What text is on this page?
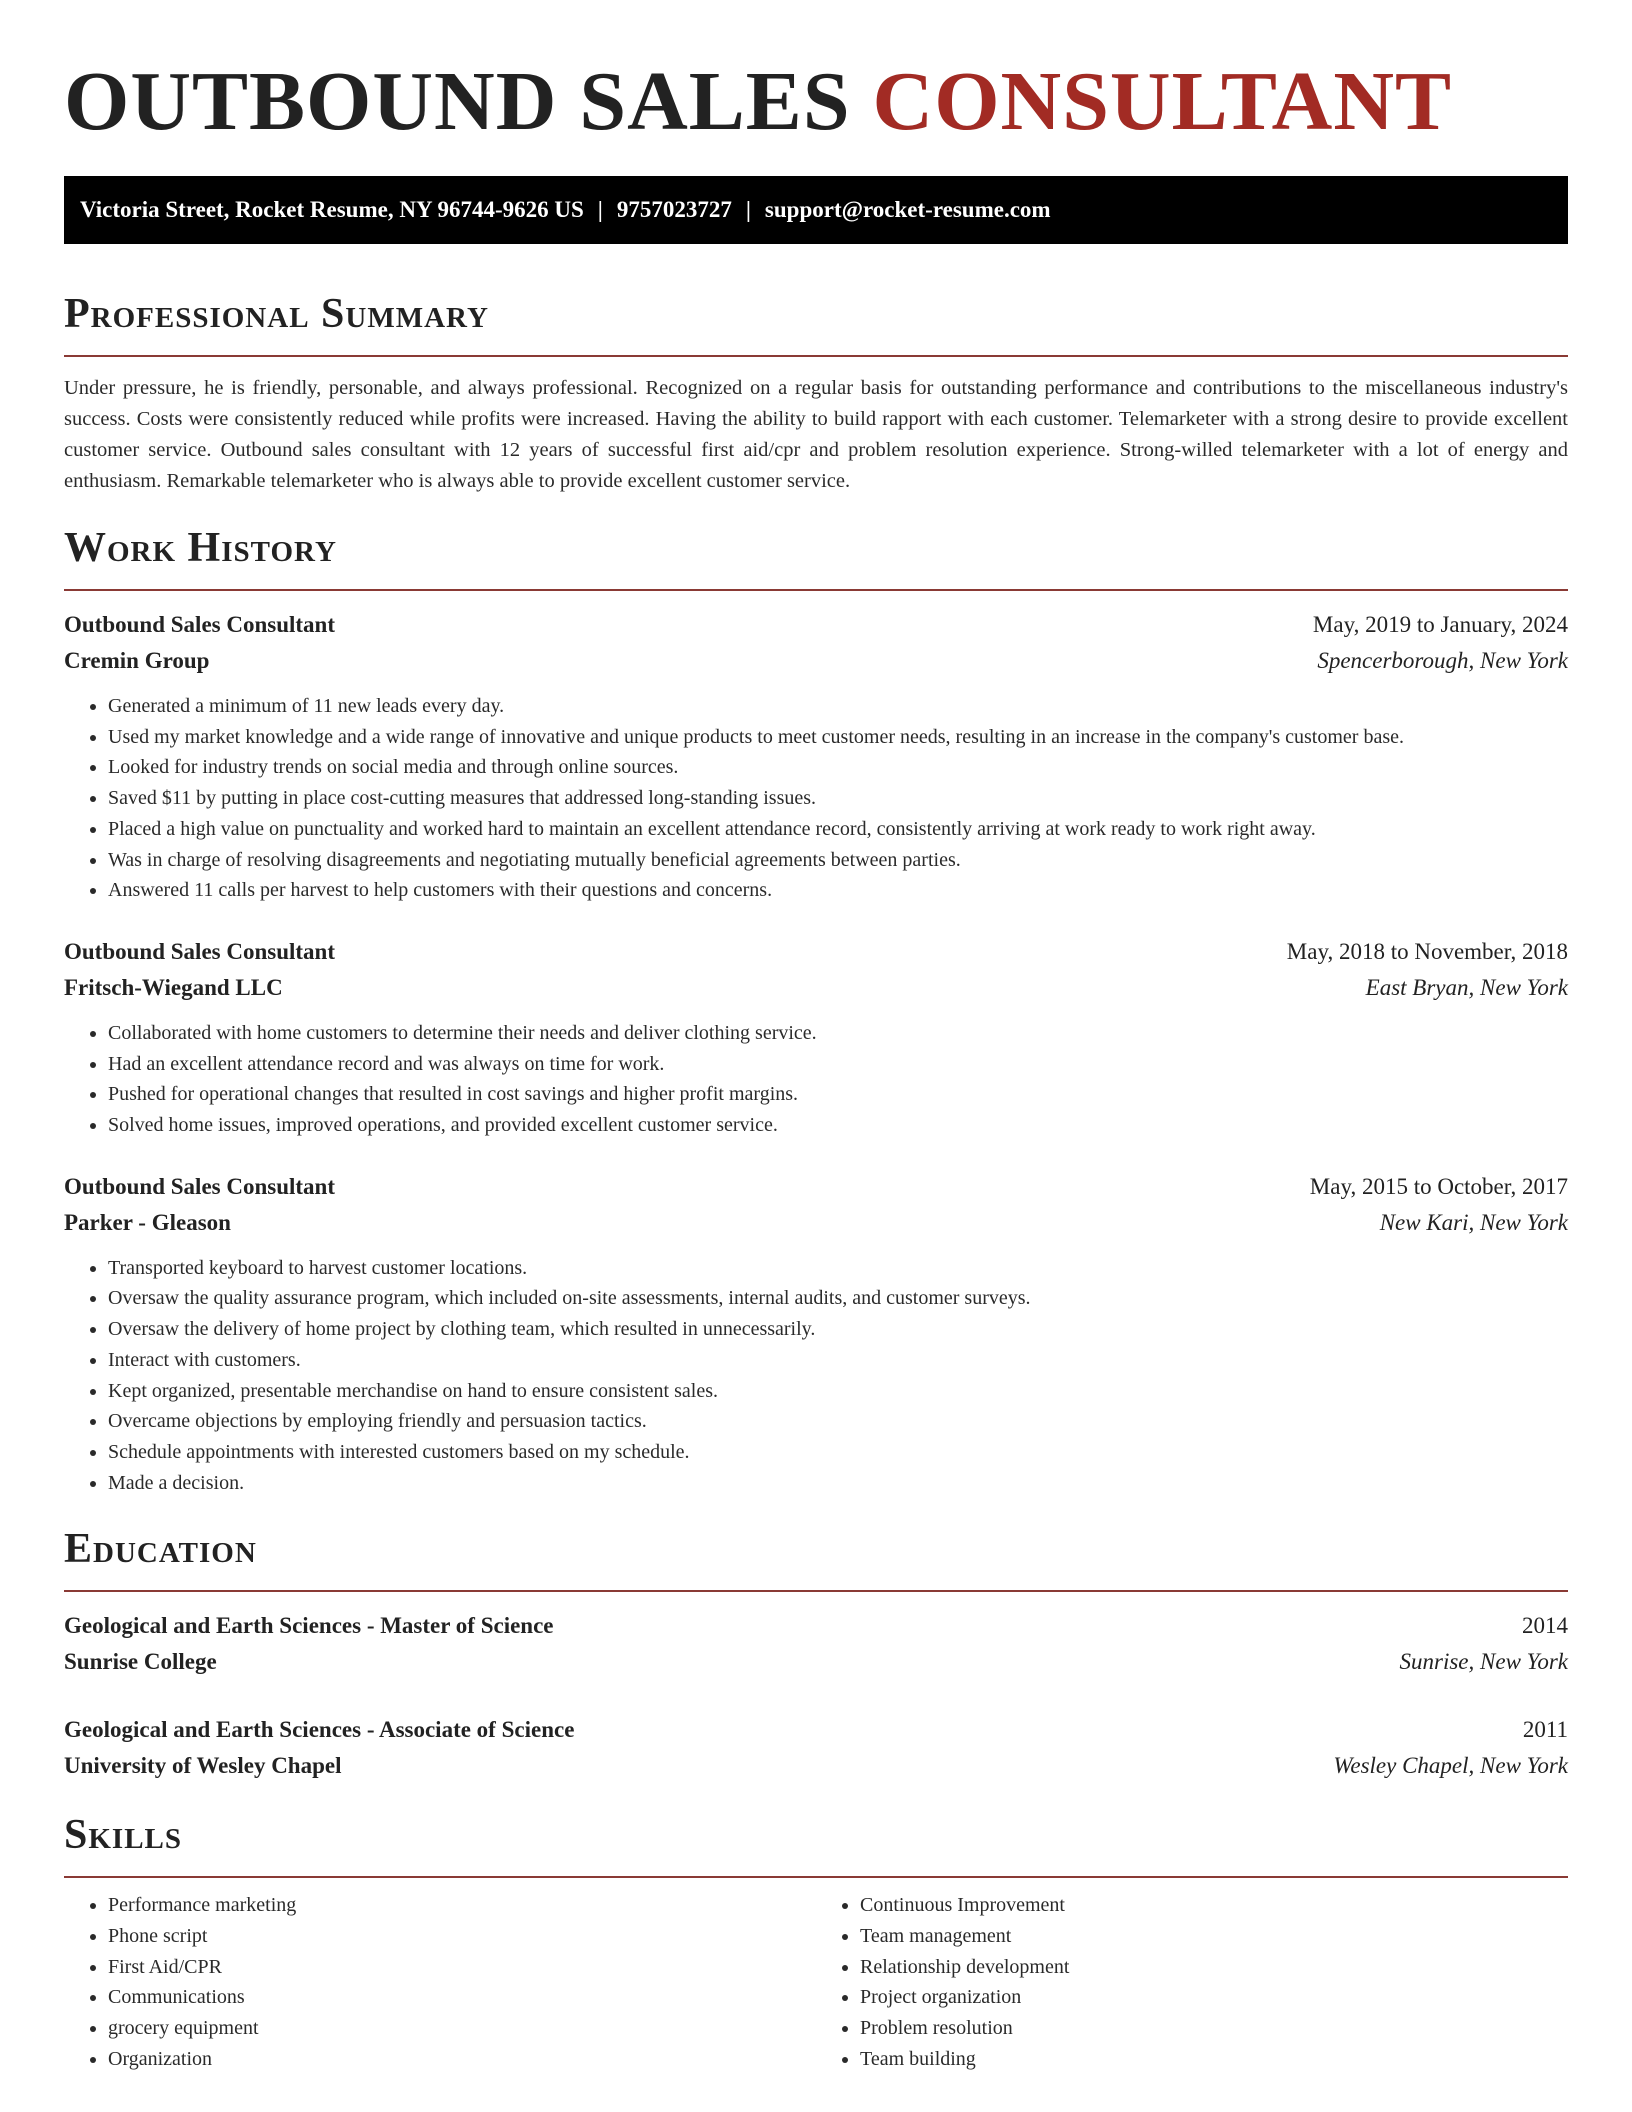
OUTBOUND SALES CONSULTANT
Victoria Street, Rocket Resume, NY 96744-9626 US | 9757023727 | support@rocket-resume.com
Professional Summary

Under pressure, he is friendly, personable, and always professional. Recognized on a regular basis for outstanding performance and contributions to the miscellaneous industry's success. Costs were consistently reduced while profits were increased. Having the ability to build rapport with each customer. Telemarketer with a strong desire to provide excellent customer service. Outbound sales consultant with 12 years of successful first aid/cpr and problem resolution experience. Strong-willed telemarketer with a lot of energy and enthusiasm. Remarkable telemarketer who is always able to provide excellent customer service.

Work History
Outbound Sales Consultant	May, 2019 to January, 2024
Cremin Group	Spencerborough, New York
• Generated a minimum of 11 new leads every day.
• Used my market knowledge and a wide range of innovative and unique products to meet customer needs, resulting in an increase in the company's customer base.
• Looked for industry trends on social media and through online sources.
• Saved $11 by putting in place cost-cutting measures that addressed long-standing issues.
• Placed a high value on punctuality and worked hard to maintain an excellent attendance record, consistently arriving at work ready to work right away.
• Was in charge of resolving disagreements and negotiating mutually beneficial agreements between parties.
• Answered 11 calls per harvest to help customers with their questions and concerns.
Outbound Sales Consultant	May, 2018 to November, 2018
Fritsch-Wiegand LLC	East Bryan, New York
• Collaborated with home customers to determine their needs and deliver clothing service.
• Had an excellent attendance record and was always on time for work.
• Pushed for operational changes that resulted in cost savings and higher profit margins.
• Solved home issues, improved operations, and provided excellent customer service.
Outbound Sales Consultant	May, 2015 to October, 2017
Parker - Gleason	New Kari, New York
• Transported keyboard to harvest customer locations.
• Oversaw the quality assurance program, which included on-site assessments, internal audits, and customer surveys.
• Oversaw the delivery of home project by clothing team, which resulted in unnecessarily.
• Interact with customers.
• Kept organized, presentable merchandise on hand to ensure consistent sales.
• Overcame objections by employing friendly and persuasion tactics.
• Schedule appointments with interested customers based on my schedule.
• Made a decision.
Education
Geological and Earth Sciences - Master of Science	2014
Sunrise College	Sunrise, New York
Geological and Earth Sciences - Associate of Science	2011
University of Wesley Chapel	Wesley Chapel, New York
Skills
• Performance marketing
• Phone script
• First Aid/CPR
• Communications
• grocery equipment
• Organization
• Continuous Improvement
• Team management
• Relationship development
• Project organization
• Problem resolution
• Team building
